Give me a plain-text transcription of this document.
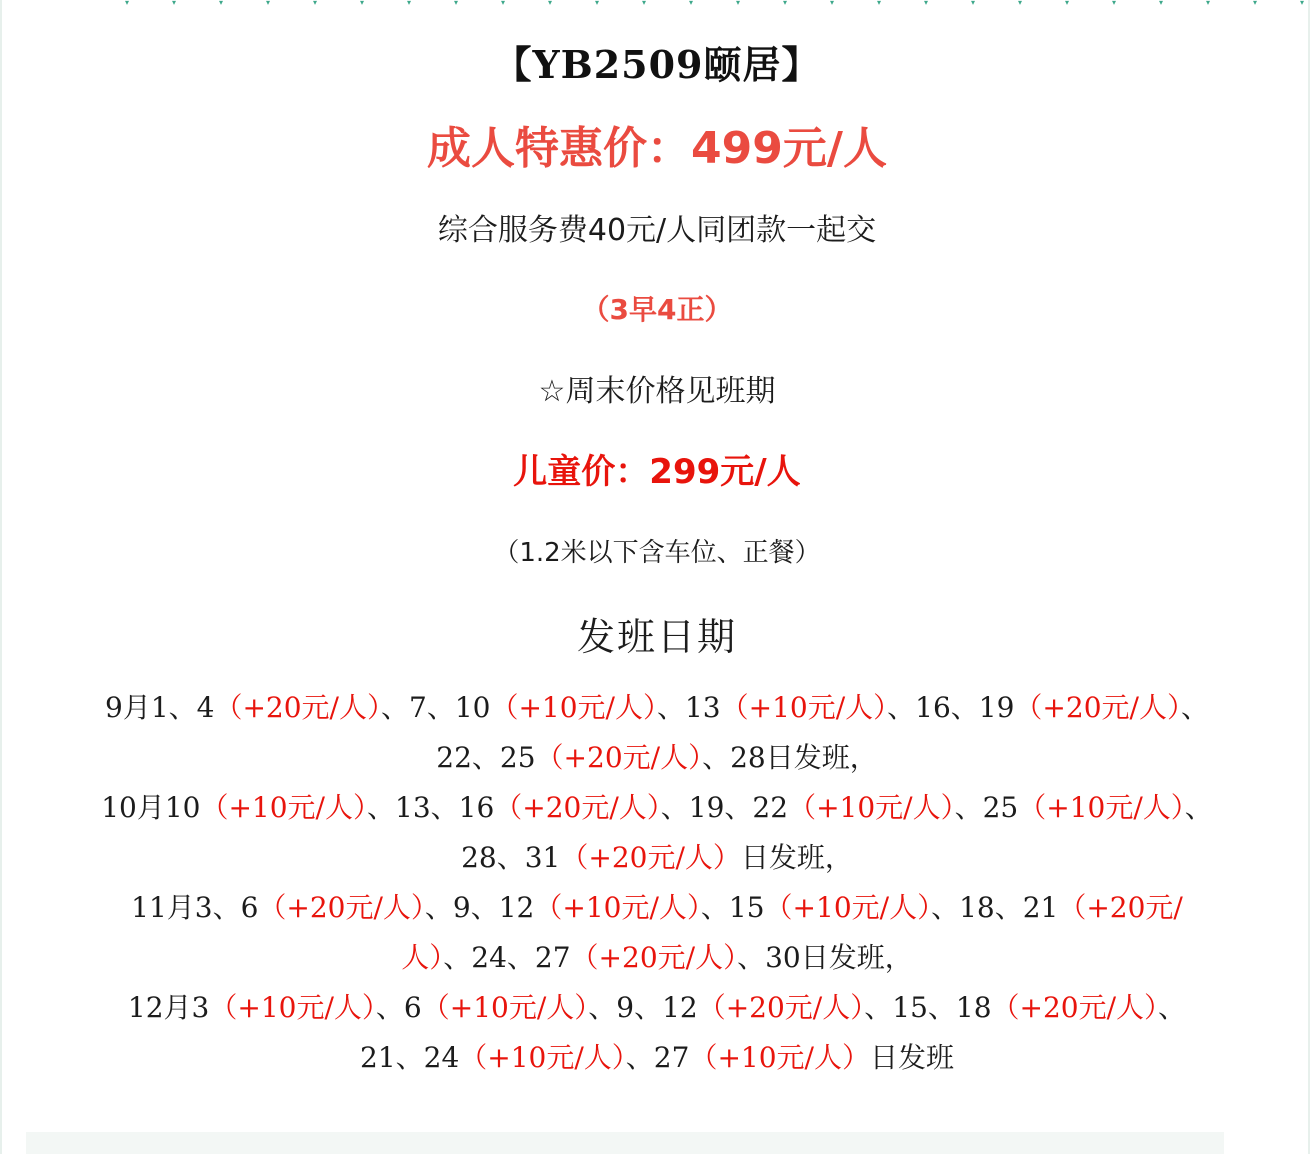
▾	▾	▾	▾	▾	▾	▾	▾	▾	▾	▾	▾	▾	▾	▾	▾	▾	▾	▾	▾	▾	▾	▾	▾	▾	▾
【YB2509颐居】
成人特惠价：499元/人
综合服务费40元/人同团款一起交
（3早4正）
☆周末价格见班期
儿童价：299元/人
（1.2米以下含车位、正餐）
发班日期
9月1、4（+20元/人）、7、10（+10元/人）、13（+10元/人）、16、19（+20元/人）、
22、25（+20元/人）、28日发班，
10月10（+10元/人）、13、16（+20元/人）、19、22（+10元/人）、25（+10元/人）、
28、31（+20元/人）日发班，
11月3、6（+20元/人）、9、12（+10元/人）、15（+10元/人）、18、21（+20元/
人）、24、27（+20元/人）、30日发班，
12月3（+10元/人）、6（+10元/人）、9、12（+20元/人）、15、18（+20元/人）、
21、24（+10元/人）、27（+10元/人）日发班
